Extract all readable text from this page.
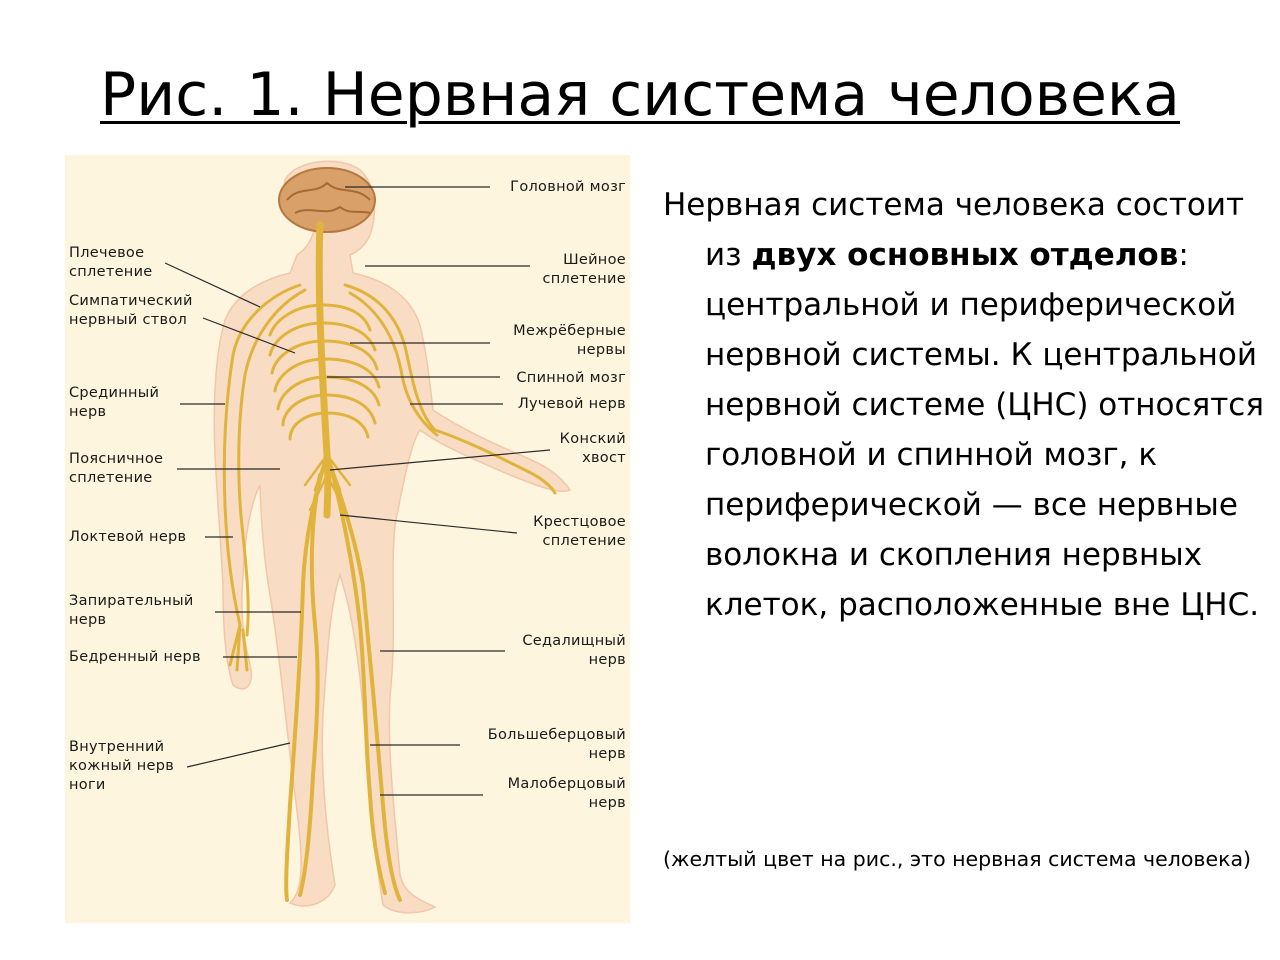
Рис. 1. Нервная система человека
Головной мозг
Шейное
сплетение
Межрёберные
нервы
Спинной мозг
Лучевой нерв
Конский
хвост
Крестцовое
сплетение
Седалищный
нерв
Большеберцовый
нерв
Малоберцовый
нерв
Плечевое
сплетение
Симпатический
нервный ствол
Срединный
нерв
Поясничное
сплетение
Локтевой нерв
Запирательный
нерв
Бедренный нерв
Внутренний
кожный нерв
ноги

Нервная система человека состоит из двух основных отделов: центральной и периферической нервной системы. К центральной нервной системе (ЦНС) относятся головной и спинной мозг, к периферической — все нервные волокна и скопления нервных клеток, расположенные вне ЦНС.

(желтый цвет на рис., это нервная система человека)
